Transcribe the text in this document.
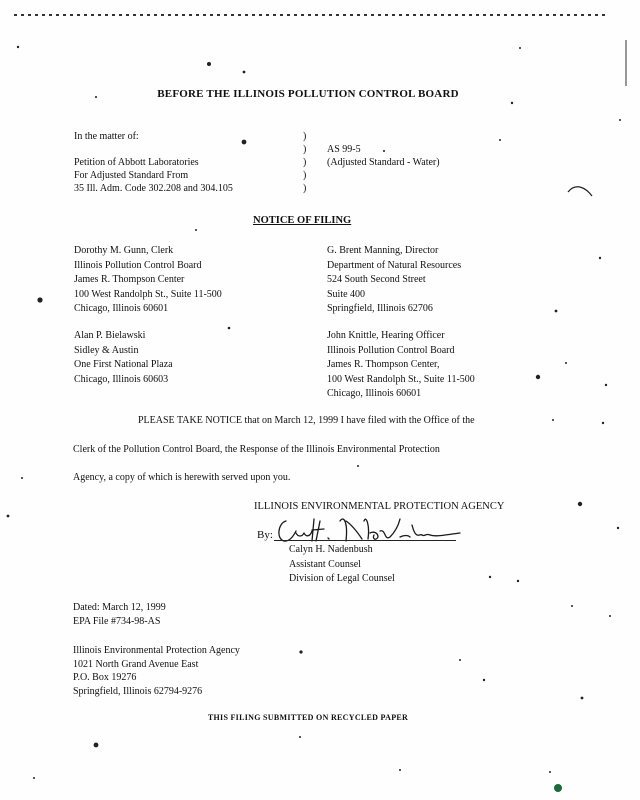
BEFORE THE ILLINOIS POLLUTION CONTROL BOARD
In the matter of:
Petition of Abbott Laboratories
For Adjusted Standard From
35 Ill. Adm. Code 302.208 and 304.105
)
)
)
)
)
AS 99-5
(Adjusted Standard - Water)
NOTICE OF FILING
Dorothy M. Gunn, Clerk
Illinois Pollution Control Board
James R. Thompson Center
100 West Randolph St., Suite 11-500
Chicago, Illinois 60601
G. Brent Manning, Director
Department of Natural Resources
524 South Second Street
Suite 400
Springfield, Illinois 62706
Alan P. Bielawski
Sidley & Austin
One First National Plaza
Chicago, Illinois 60603
John Knittle, Hearing Officer
Illinois Pollution Control Board
James R. Thompson Center,
100 West Randolph St., Suite 11-500
Chicago, Illinois 60601
PLEASE TAKE NOTICE that on March 12, 1999 I have filed with the Office of the
Clerk of the Pollution Control Board, the Response of the Illinois Environmental Protection
Agency, a copy of which is herewith served upon you.
ILLINOIS ENVIRONMENTAL PROTECTION AGENCY
By:
Calyn H. Nadenbush
Assistant Counsel
Division of Legal Counsel
Dated: March 12, 1999
EPA File #734-98-AS
Illinois Environmental Protection Agency
1021 North Grand Avenue East
P.O. Box 19276
Springfield, Illinois 62794-9276
THIS FILING SUBMITTED ON RECYCLED PAPER
